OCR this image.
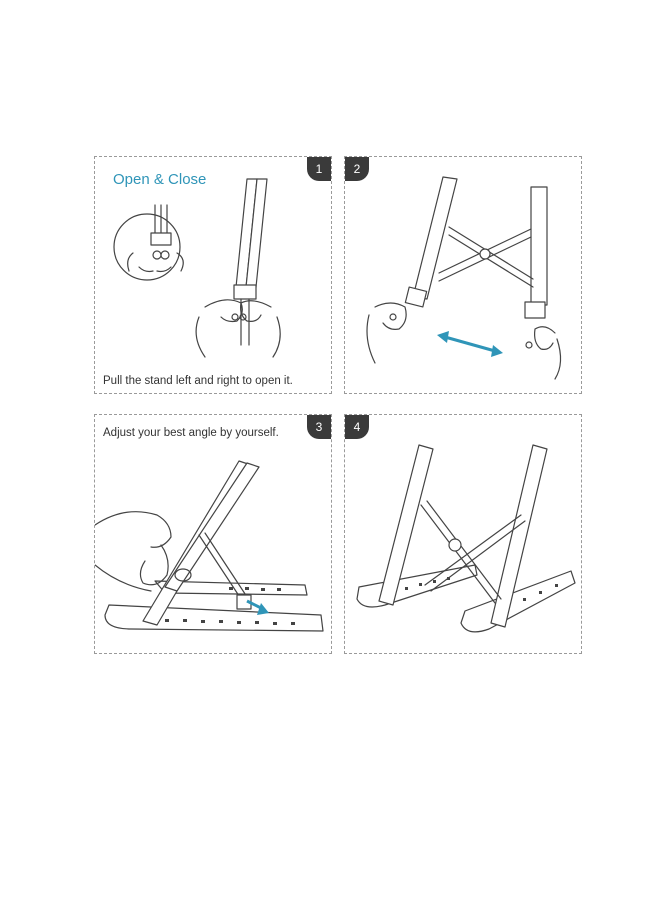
1
Open & Close
Pull the stand left and right to open it.
2
3
Adjust your best angle by yourself.	4
